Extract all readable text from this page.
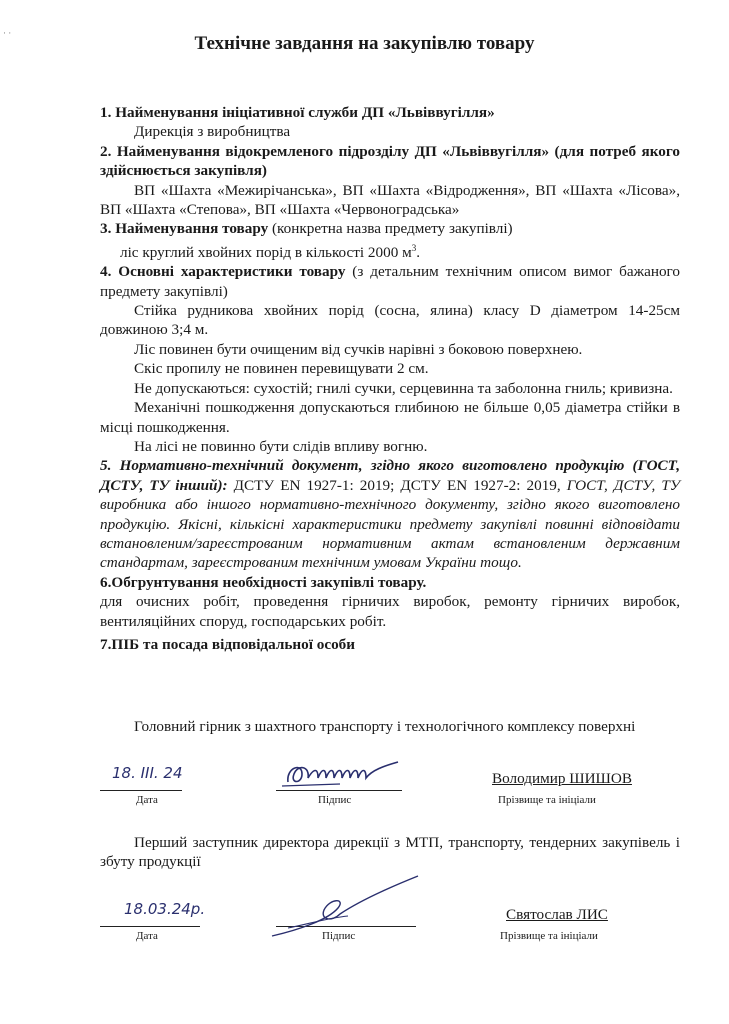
· ·	Технічне завдання на закупівлю товару

1. Найменування ініціативної служби ДП «Львіввугілля»

Дирекція з виробництва

2. Найменування відокремленого підрозділу ДП «Львіввугілля» (для потреб якого здійснюється закупівля)

ВП «Шахта «Межирічанська», ВП «Шахта «Відродження», ВП «Шахта «Лісова», ВП «Шахта «Степова», ВП «Шахта «Червоноградська»

3. Найменування товару (конкретна назва предмету закупівлі)

ліс круглий хвойних порід в кількості 2000 $м^3$.

4. Основні характеристики товару (з детальним технічним описом вимог бажаного предмету закупівлі)

Стійка рудникова хвойних порід (сосна, ялина) класу D діаметром 14-25см довжиною 3;4 м.

Ліс повинен бути очищеним від сучків нарівні з боковою поверхнею.

Скіс пропилу не повинен перевищувати 2 см.

Не допускаються: сухостій; гнилі сучки, серцевинна та заболонна гниль; кривизна.

Механічні пошкодження допускаються глибиною не більше 0,05 діаметра стійки в місці пошкодження.

На лісі не повинно бути слідів впливу вогню.

5. Нормативно-технічний документ, згідно якого виготовлено продукцію (ГОСТ, ДСТУ, ТУ інший): ДСТУ EN 1927-1: 2019; ДСТУ EN 1927-2: 2019, ГОСТ, ДСТУ, ТУ виробника або іншого нормативно-технічного документу, згідно якого виготовлено продукцію. Якісні, кількісні характеристики предмету закупівлі повинні відповідати встановленим/зареєстрованим нормативним актам встановленим державним стандартам, зареєстрованим технічним умовам України тощо.

6.Обгрунтування необхідності закупівлі товару.

для очисних робіт, проведення гірничих виробок, ремонту гірничих виробок, вентиляційних споруд, господарських робіт.

7.ПІБ та посада відповідальної особи

Головний гірник з шахтного транспорту і технологічного комплексу поверхні

18. ІІІ. 24
Дата	Підпис
Володимир ШИШОВ
Прізвище та ініціали

Перший заступник директора дирекції з МТП, транспорту, тендерних закупівель і збуту продукції

18.03.24р.
Дата	Підпис
Святослав ЛИС
Прізвище та ініціали
